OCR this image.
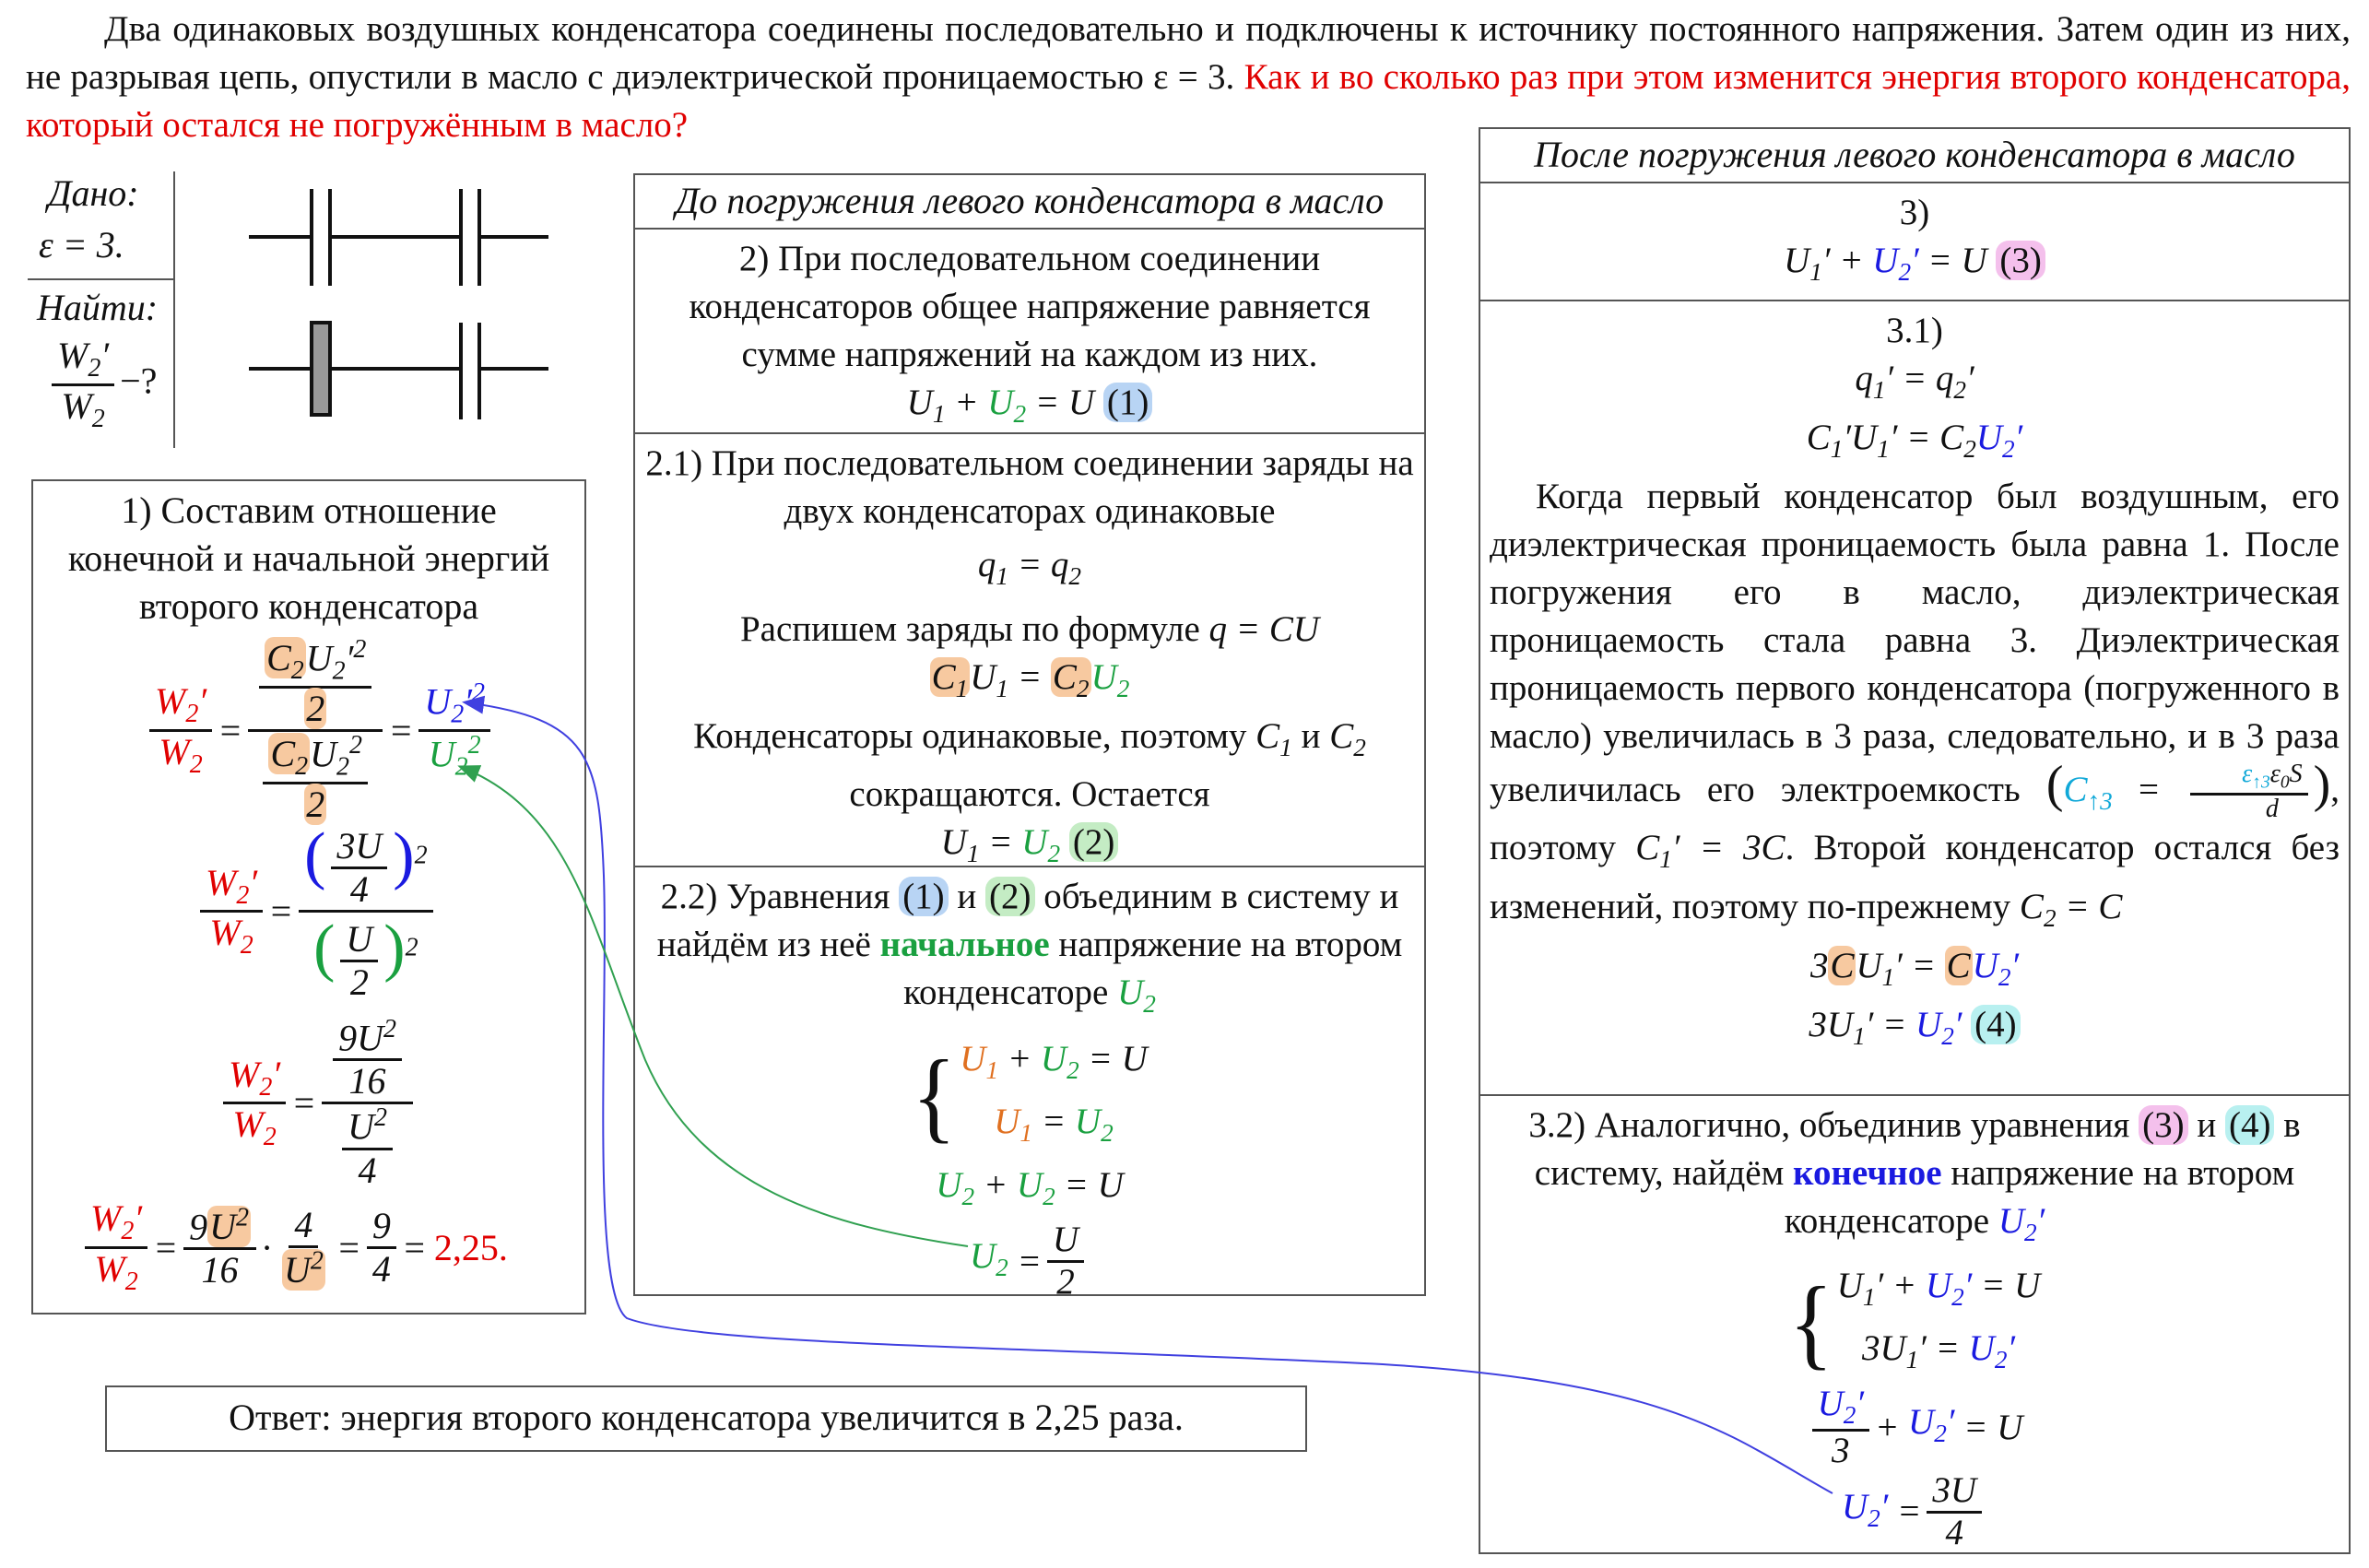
Два одинаковых воздушных конденсатора соединены последовательно и подключены к источнику постоянного напряжения. Затем один из них, не разрывая цепь, опустили в масло с диэлектрической проницаемостью ε = 3. Как и во сколько раз при этом изменится энергия второго конденсатора, который остался не погружённым в масло?
Дано:
ε = 3.
Найти:
$\frac{W_2'}{W_2}$ −?
1) Составим отношение конечной и начальной энергий второго конденсатора
$\frac{W_2'}{W_2} = \frac{\frac{C_2U_2'^2}{2}}{\frac{C_2U_2^2}{2}} = \frac{U_2'^2}{U_2^2}$
$\frac{W_2'}{W_2} = \frac{( \frac{3U}{4} )^2}{( \frac{U}{2} )^2}$
$\frac{W_2'}{W_2} = \frac{\frac{9U^2}{16}}{\frac{U^2}{4}}$
$\frac{W_2'}{W_2} = \frac{9U^2}{16} \cdot \frac{4}{U^2} = \frac{9}{4} = 2,25$.
Ответ: энергия второго конденсатора увеличится в 2,25 раза.
До погружения левого конденсатора в масло
2) При последовательном соединении конденсаторов общее напряжение равняется сумме напряжений на каждом из них.
$U_1 + U_2 = U$ (1)
2.1) При последовательном соединении заряды на двух конденсаторах одинаковые
$q_1 = q_2$
Распишем заряды по формуле q = CU
$C_1U_1 = C_2U_2$
Конденсаторы одинаковые, поэтому $C_1$ и $C_2$
сокращаются. Остается
$U_1 = U_2$ (2)
2.2) Уравнения (1) и (2) объединим в систему и найдём из неё начальное напряжение на втором конденсаторе $U_2$
{ $U_1 + U_2 = U$
$U_1 = U_2$
$U_2 + U_2 = U$
$U_2 = \frac{U}{2}$
После погружения левого конденсатора в масло
3)
$U_1' + U_2' = U$ (3)
3.1)
$q_1' = q_2'$
$C_1'U_1' = C_2U_2'$
Когда первый конденсатор был воздушным, его диэлектрическая проницаемость была равна 1. После погружения его в масло, диэлектрическая проницаемость стала равна 3. Диэлектрическая проницаемость первого конденсатора (погруженного в масло) увеличилась в 3 раза, следовательно, и в 3 раза увеличилась его электроемкость ($C_{↑3} = \frac{\varepsilon_{↑3}\varepsilon_0S}{d}$ ), поэтому $C_1' = 3C$. Второй конденсатор остался без изменений, поэтому по-прежнему $C_2 = C$
$3CU_1' = CU_2'$
$3U_1' = U_2'$ (4)
3.2) Аналогично, объединив уравнения (3) и (4) в систему, найдём конечное напряжение на втором конденсаторе $U_2'$
{ $U_1' + U_2' = U$
$3U_1' = U_2'$
$\frac{U_2'}{3} + U_2' = U$
$U_2' = \frac{3U}{4}$
